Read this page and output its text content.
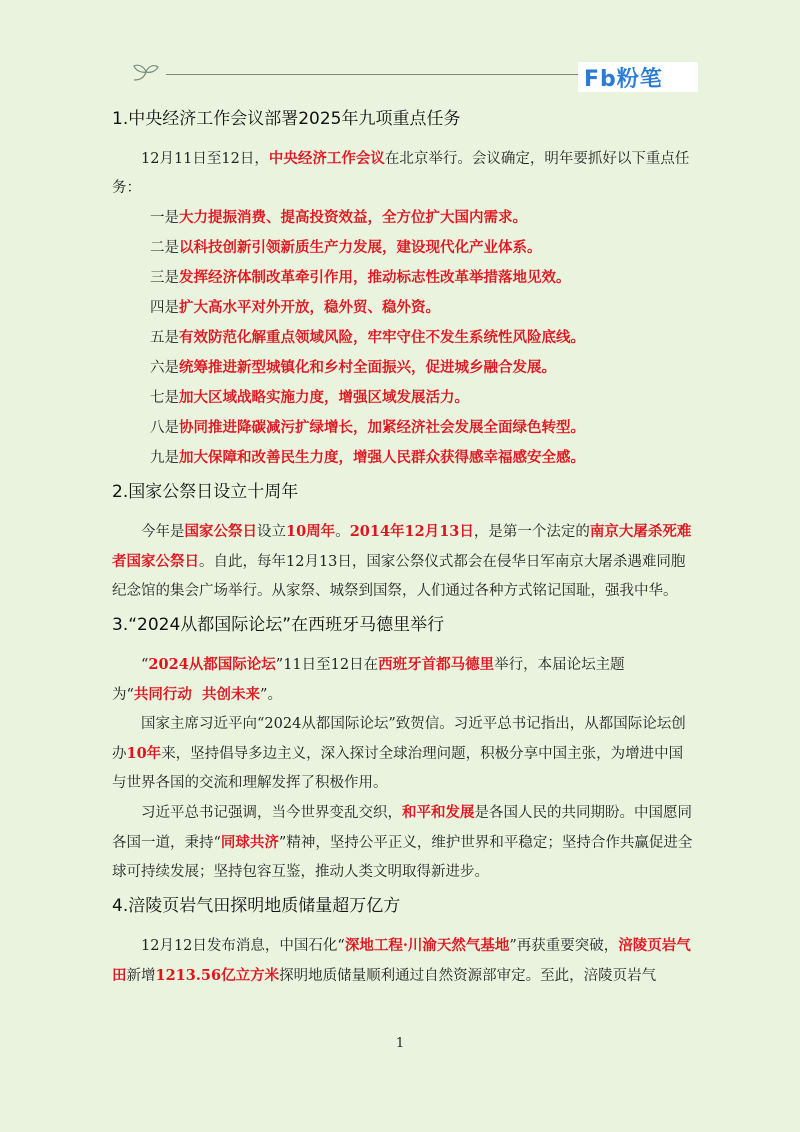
Fb粉笔
1.中央经济工作会议部署2025年九项重点任务

12月11日至12日，中央经济工作会议在北京举行。会议确定，明年要抓好以下重点任务：

一是大力提振消费、提高投资效益，全方位扩大国内需求。
二是以科技创新引领新质生产力发展，建设现代化产业体系。
三是发挥经济体制改革牵引作用，推动标志性改革举措落地见效。
四是扩大高水平对外开放，稳外贸、稳外资。
五是有效防范化解重点领域风险，牢牢守住不发生系统性风险底线。
六是统筹推进新型城镇化和乡村全面振兴，促进城乡融合发展。
七是加大区域战略实施力度，增强区域发展活力。
八是协同推进降碳减污扩绿增长，加紧经济社会发展全面绿色转型。
九是加大保障和改善民生力度，增强人民群众获得感幸福感安全感。
2.国家公祭日设立十周年

今年是国家公祭日设立10周年。2014年12月13日，是第一个法定的南京大屠杀死难者国家公祭日。自此，每年12月13日，国家公祭仪式都会在侵华日军南京大屠杀遇难同胞纪念馆的集会广场举行。从家祭、城祭到国祭，人们通过各种方式铭记国耻，强我中华。

3.“2024从都国际论坛”在西班牙马德里举行

“2024从都国际论坛”11日至12日在西班牙首都马德里举行，本届论坛主题为“共同行动  共创未来”。

国家主席习近平向“2024从都国际论坛”致贺信。习近平总书记指出，从都国际论坛创办10年来，坚持倡导多边主义，深入探讨全球治理问题，积极分享中国主张，为增进中国与世界各国的交流和理解发挥了积极作用。

习近平总书记强调，当今世界变乱交织，和平和发展是各国人民的共同期盼。中国愿同各国一道，秉持“同球共济”精神，坚持公平正义，维护世界和平稳定；坚持合作共赢促进全球可持续发展；坚持包容互鉴，推动人类文明取得新进步。

4.涪陵页岩气田探明地质储量超万亿方

12月12日发布消息，中国石化“深地工程·川渝天然气基地”再获重要突破，涪陵页岩气田新增1213.56亿立方米探明地质储量顺利通过自然资源部审定。至此，涪陵页岩气

1
